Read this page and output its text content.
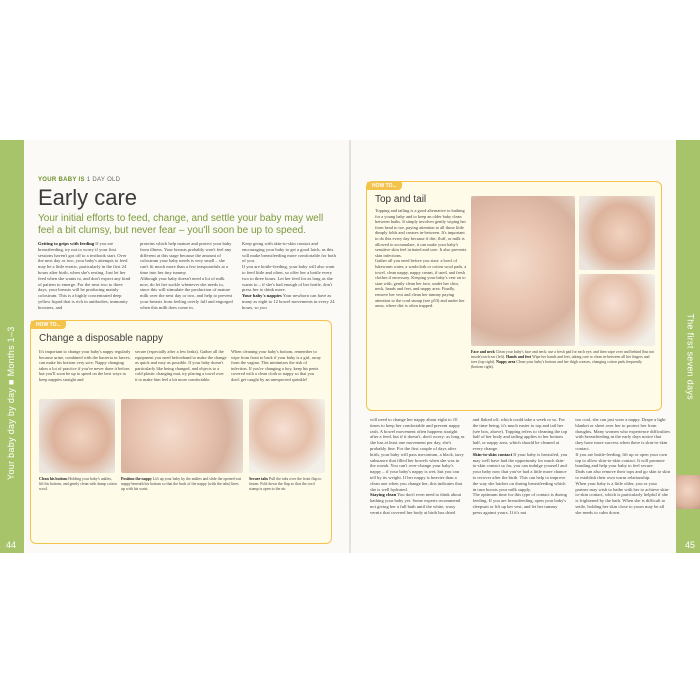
Your baby day by day ■ Months 1–3
44
The first seven days
45
YOUR BABY IS 1 DAY OLD
Early care
Your initial efforts to feed, change, and settle your baby may well feel a bit clumsy, but never fear – you'll soon be up to speed.
Getting to grips with feeding If you are breastfeeding, try not to worry if your first sessions haven't got off to a textbook start. Over the next day or two, your baby's attempts to feed may be a little erratic, particularly in the first 24 hours after birth, when she's resting. Just let her feed when she wants to, and don't expect any kind of pattern to emerge. For the next two to three days, your breasts will be producing mainly colostrum. This is a highly concentrated deep yellow liquid that is rich in antibodies, immunity boosters, and
proteins which help mature and protect your baby from illness. Your breasts probably won't feel any different at this stage because the amount of colostrum your baby needs is very small – she can't fit much more than a few teaspoonfuls at a time into her tiny tummy.
Although your baby doesn't need a lot of milk now, do let her suckle whenever she needs to, since this will stimulate the production of mature milk over the next day or two, and help to prevent your breasts from feeling overly full and engorged when this milk does come in.
Keep going with skin-to-skin contact and encouraging your baby to get a good latch, as this will make breastfeeding more comfortable for both of you.
If you are bottle-feeding, your baby will also want to feed little and often, so offer her a bottle every two to three hours. Let her feed for as long as she wants to – if she's had enough of her bottle, don't press her to drink more.
Your baby's nappies Your newborn can have as many as eight to 12 bowel movements in every 24 hours, so you
HOW TO...
Change a disposable nappy
It's important to change your baby's nappy regularly because urine, combined with the bacteria in faeces, can make his bottom very sore. Nappy changing takes a lot of practice if you've never done it before, but you'll soon be up to speed on the best ways to keep nappies straight and
secure (especially after a few leaks). Gather all the equipment you need beforehand to make the change as quick and easy as possible. If your baby doesn't particularly like being changed, and objects to a cold plastic changing mat, try placing a towel over it to make him feel a bit more comfortable.
When cleaning your baby's bottom, remember to wipe from front to back if your baby is a girl, away from the vagina. This minimizes the risk of infection. If you're changing a boy, keep his penis covered with a clean cloth or nappy so that you don't get caught by an unexpected sprinkle!
Clean his bottom Holding your baby's ankles, lift his bottom, and gently clean with damp cotton wool.
Position the nappy Lift up your baby by the ankles and slide the opened-out nappy beneath his bottom so that the back of the nappy (with the tabs) lines up with his waist.
Secure tabs Pull the tabs over the front flap to fasten. Fold down the flap so that the cord stump is open to the air.
HOW TO...
Top and tail
Topping and tailing is a good alternative to bathing for a young baby and to keep an older baby clean between baths. It simply involves gently wiping her from head to toe, paying attention to all those little dimply folds and creases in-between. It's important to do this every day because if dirt, fluff, or milk is allowed to accumulate, it can make your baby's sensitive skin feel irritated and sore. It also prevents skin infections.
Gather all you need before you start: a bowl of lukewarm water, a washcloth or cotton wool pads, a towel, clean nappy, nappy cream, if used, and fresh clothes if necessary. Keeping your baby's vest on to start with, gently clean her face, under her chin, neck, hands and feet, and nappy area. Finally, remove her vest and clean her tummy paying attention to the cord stump (see p53) and under her arms, where dirt is often trapped.
Face and neck Clean your baby's face and neck; use a fresh pad for each eye, and then wipe over and behind (but not inside) each ear (left). Hands and feet Wipe her hands and feet, taking care to clean in-between all her fingers and toes (top right). Nappy area Clean your baby's bottom and her thigh creases, changing cotton pads frequently (bottom right).
will need to change her nappy about eight to 10 times to keep her comfortable and prevent nappy rash. A bowel movement often happens straight after a feed, but if it doesn't, don't worry: as long as she has at least one movement per day, she's probably fine. For the first couple of days after birth, your baby will pass meconium, a black, tarry substance that filled her bowels when she was in the womb. You can't over-change your baby's nappy – if your baby's nappy is wet, but you can tell by its weight. If her nappy is heavier than a clean one when you change her, this indicates that she is well hydrated.
Staying clean You don't even need to think about bathing your baby yet. Some experts recommend not giving her a full bath until the white, waxy vernix that covered her body at birth has dried
and flaked off, which could take a week or so. For the time being, it's much easier to top and tail her (see box, above). Topping refers to cleaning the top half of her body and tailing applies to her bottom half, or nappy area, which should be cleaned at every change.
Skin-to-skin contact If your baby is breastfed, you may well have had the opportunity for much skin-to-skin contact so far, you can indulge yourself and your baby now that you've had a little more chance to recover after the birth. This can help to improve the way she latches on during breastfeeding which in turn boosts your milk supply.
The optimum time for this type of contact is during feeding. If you are breastfeeding, open your baby's sleepsuit or lift up her vest, and let her tummy press against yours. If it's not
too cool, she can just wear a nappy. Drape a light blanket or sheet over her to protect her from draughts. Many women who experience difficulties with breastfeeding in the early days notice that they have more success when there is skin-to-skin contact.
If you are bottle-feeding, lift up or open your own top to allow skin-to-skin contact. It will promote bonding and help your baby to feel secure.
Dads can also remove their tops and go skin to skin to establish their own warm relationship.
When your baby is a little older, you or your partner may wish to bathe with her to achieve skin-to-skin contact, which is particularly helpful if she is frightened by the bath. When she is difficult to settle, holding her skin close to yours may be all she needs to calm down.
